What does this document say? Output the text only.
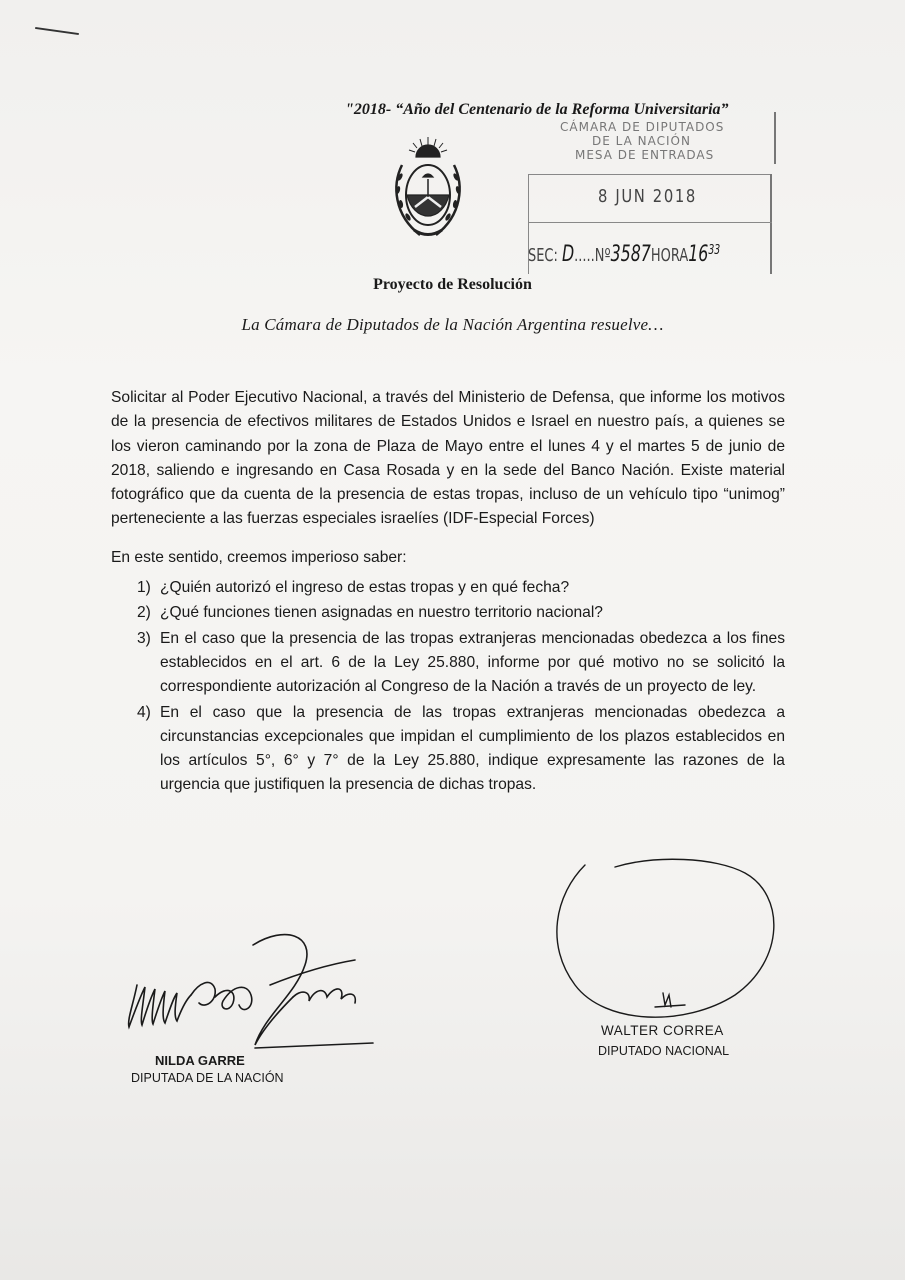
"2018- “Año del Centenario de la Reforma Universitaria”
CÁMARA DE DIPUTADOS
DE LA NACIÓN
MESA DE ENTRADAS
8 JUN 2018
SEC: $D.....Nº3587HORA16^{33}$
Proyecto de Resolución
La Cámara de Diputados de la Nación Argentina resuelve…

Solicitar al Poder Ejecutivo Nacional, a través del Ministerio de Defensa, que informe los motivos de la presencia de efectivos militares de Estados Unidos e Israel en nuestro país, a quienes se los vieron caminando por la zona de Plaza de Mayo entre el lunes 4 y el martes 5 de junio de 2018, saliendo e ingresando en Casa Rosada y en la sede del Banco Nación. Existe material fotográfico que da cuenta de la presencia de estas tropas, incluso de un vehículo tipo “unimog” perteneciente a las fuerzas especiales israelíes (IDF-Especial Forces)

En este sentido, creemos imperioso saber:

1) ¿Quién autorizó el ingreso de estas tropas y en qué fecha?
2) ¿Qué funciones tienen asignadas en nuestro territorio nacional?
3) En el caso que la presencia de las tropas extranjeras mencionadas obedezca a los fines establecidos en el art. 6 de la Ley 25.880, informe por qué motivo no se solicitó la correspondiente autorización al Congreso de la Nación a través de un proyecto de ley.
4) En el caso que la presencia de las tropas extranjeras mencionadas obedezca a circunstancias excepcionales que impidan el cumplimiento de los plazos establecidos en los artículos 5°, 6° y 7° de la Ley 25.880, indique expresamente las razones de la urgencia que justifiquen la presencia de dichas tropas.
NILDA GARRE
DIPUTADA DE LA NACIÓN
WALTER CORREA
DIPUTADO NACIONAL
